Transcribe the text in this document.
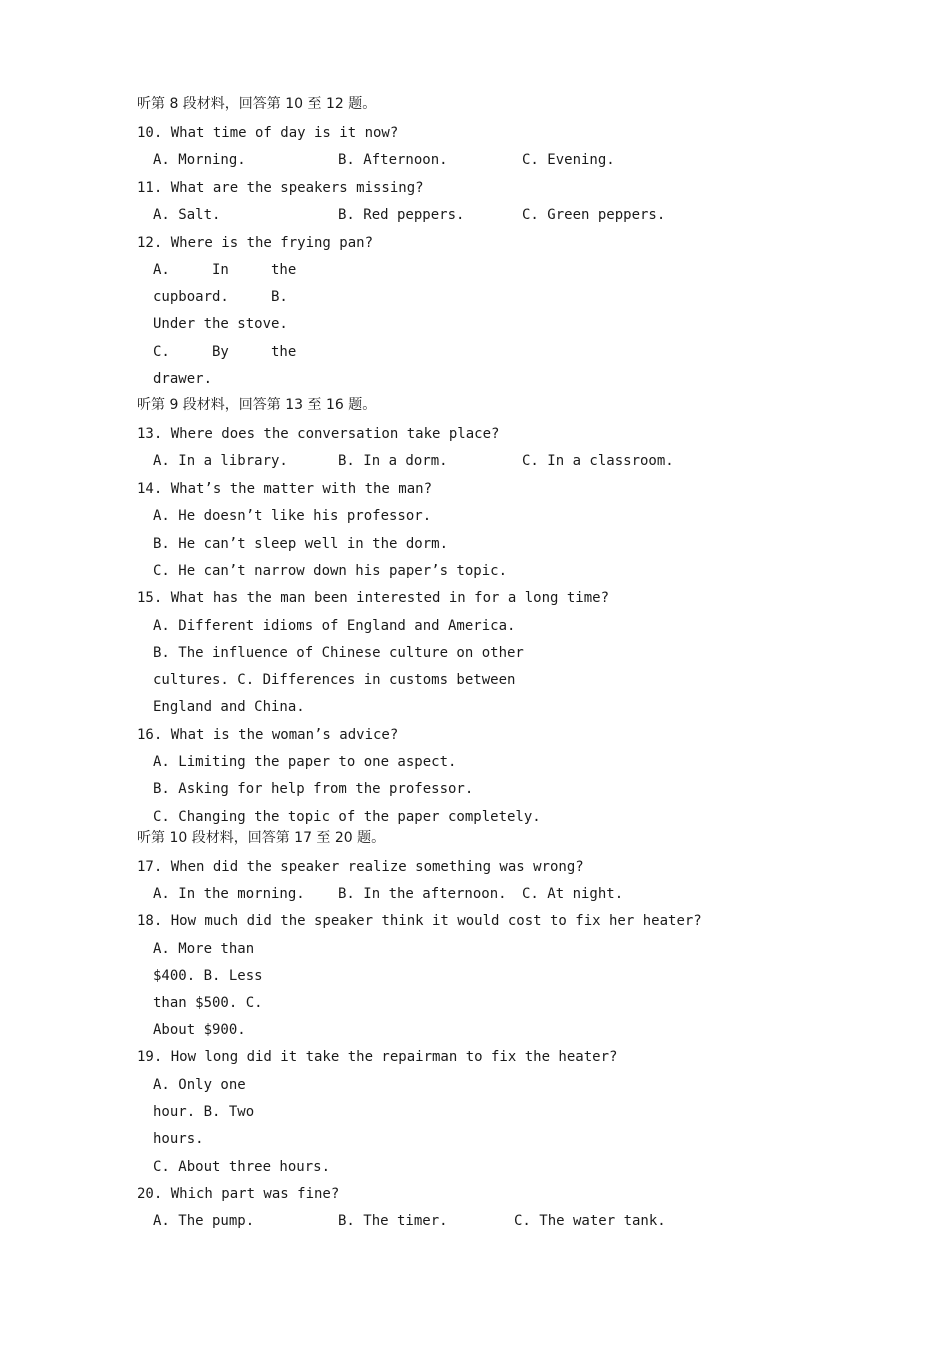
听第 8 段材料，回答第 10 至 12 题。
10. What time of day is it now?
A. Morning.	B. Afternoon.	C. Evening.
11. What are the speakers missing?
A. Salt.	B. Red peppers.	C. Green peppers.
12. Where is the frying pan?
A.     In     the
cupboard.     B.
Under the stove.
C.     By     the
drawer.
听第 9 段材料，回答第 13 至 16 题。
13. Where does the conversation take place?
A. In a library.	B. In a dorm.	C. In a classroom.
14. What’s the matter with the man?
A. He doesn’t like his professor.
B. He can’t sleep well in the dorm.
C. He can’t narrow down his paper’s topic.
15. What has the man been interested in for a long time?
A. Different idioms of England and America.
B. The influence of Chinese culture on other
cultures. C. Differences in customs between
England and China.
16. What is the woman’s advice?
A. Limiting the paper to one aspect.
B. Asking for help from the professor.
C. Changing the topic of the paper completely.
听第 10 段材料，回答第 17 至 20 题。
17. When did the speaker realize something was wrong?
A. In the morning. B. In the afternoon. C. At night.
18. How much did the speaker think it would cost to fix her heater?
A. More than
$400. B. Less
than $500. C.
About $900.
19. How long did it take the repairman to fix the heater?
A. Only one
hour. B. Two
hours.
C. About three hours.
20. Which part was fine?
A. The pump.	B. The timer.	C. The water tank.
